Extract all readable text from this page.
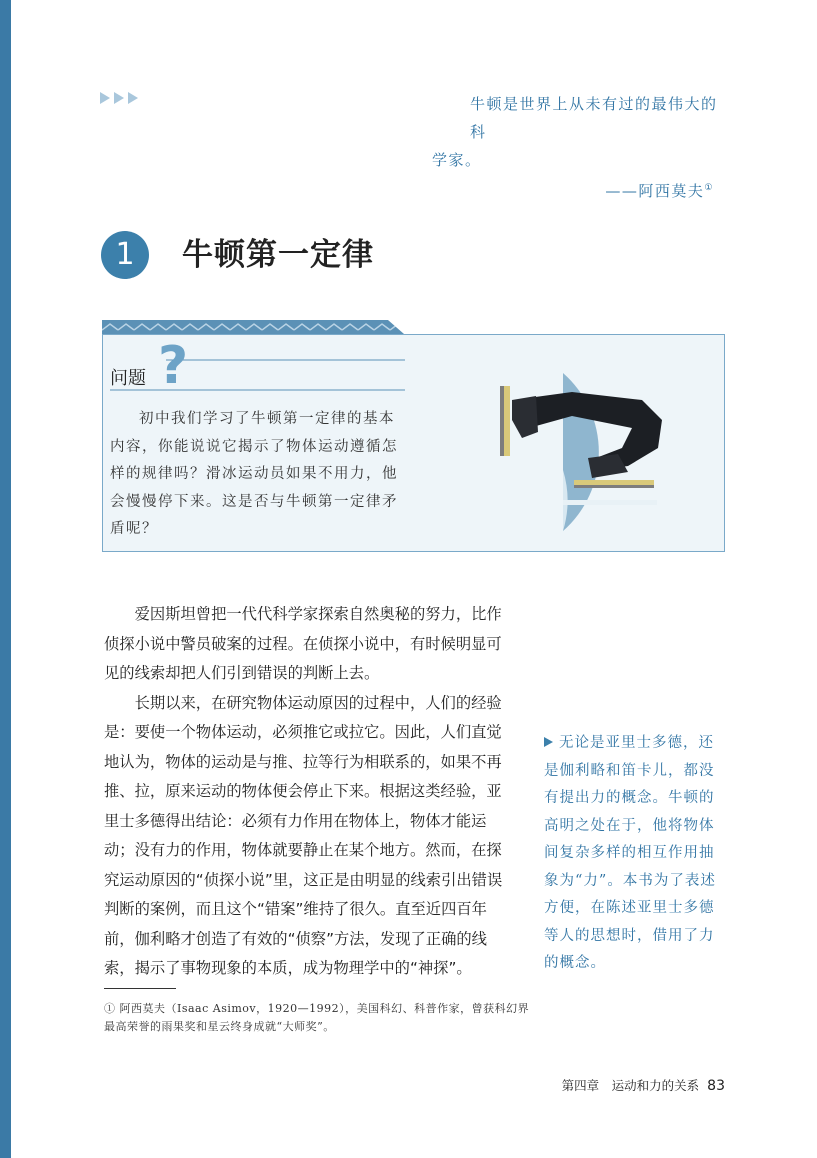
牛顿是世界上从未有过的最伟大的科
学家。
——阿西莫夫①
1	牛顿第一定律
问题 ?
初中我们学习了牛顿第一定律的基本内容，你能说说它揭示了物体运动遵循怎样的规律吗？滑冰运动员如果不用力，他会慢慢停下来。这是否与牛顿第一定律矛盾呢？

爱因斯坦曾把一代代科学家探索自然奥秘的努力，比作侦探小说中警员破案的过程。在侦探小说中，有时候明显可见的线索却把人们引到错误的判断上去。

长期以来，在研究物体运动原因的过程中，人们的经验是：要使一个物体运动，必须推它或拉它。因此，人们直觉地认为，物体的运动是与推、拉等行为相联系的，如果不再推、拉，原来运动的物体便会停止下来。根据这类经验，亚里士多德得出结论：必须有力作用在物体上，物体才能运动；没有力的作用，物体就要静止在某个地方。然而，在探究运动原因的“侦探小说”里，这正是由明显的线索引出错误判断的案例，而且这个“错案”维持了很久。直至近四百年前，伽利略才创造了有效的“侦察”方法，发现了正确的线索，揭示了事物现象的本质，成为物理学中的“神探”。

无论是亚里士多德，还是伽利略和笛卡儿，都没有提出力的概念。牛顿的高明之处在于，他将物体间复杂多样的相互作用抽象为“力”。本书为了表述方便，在陈述亚里士多德等人的思想时，借用了力的概念。
① 阿西莫夫（Isaac Asimov，1920—1992），美国科幻、科普作家，曾获科幻界最高荣誉的雨果奖和星云终身成就“大师奖”。
第四章　运动和力的关系 83
